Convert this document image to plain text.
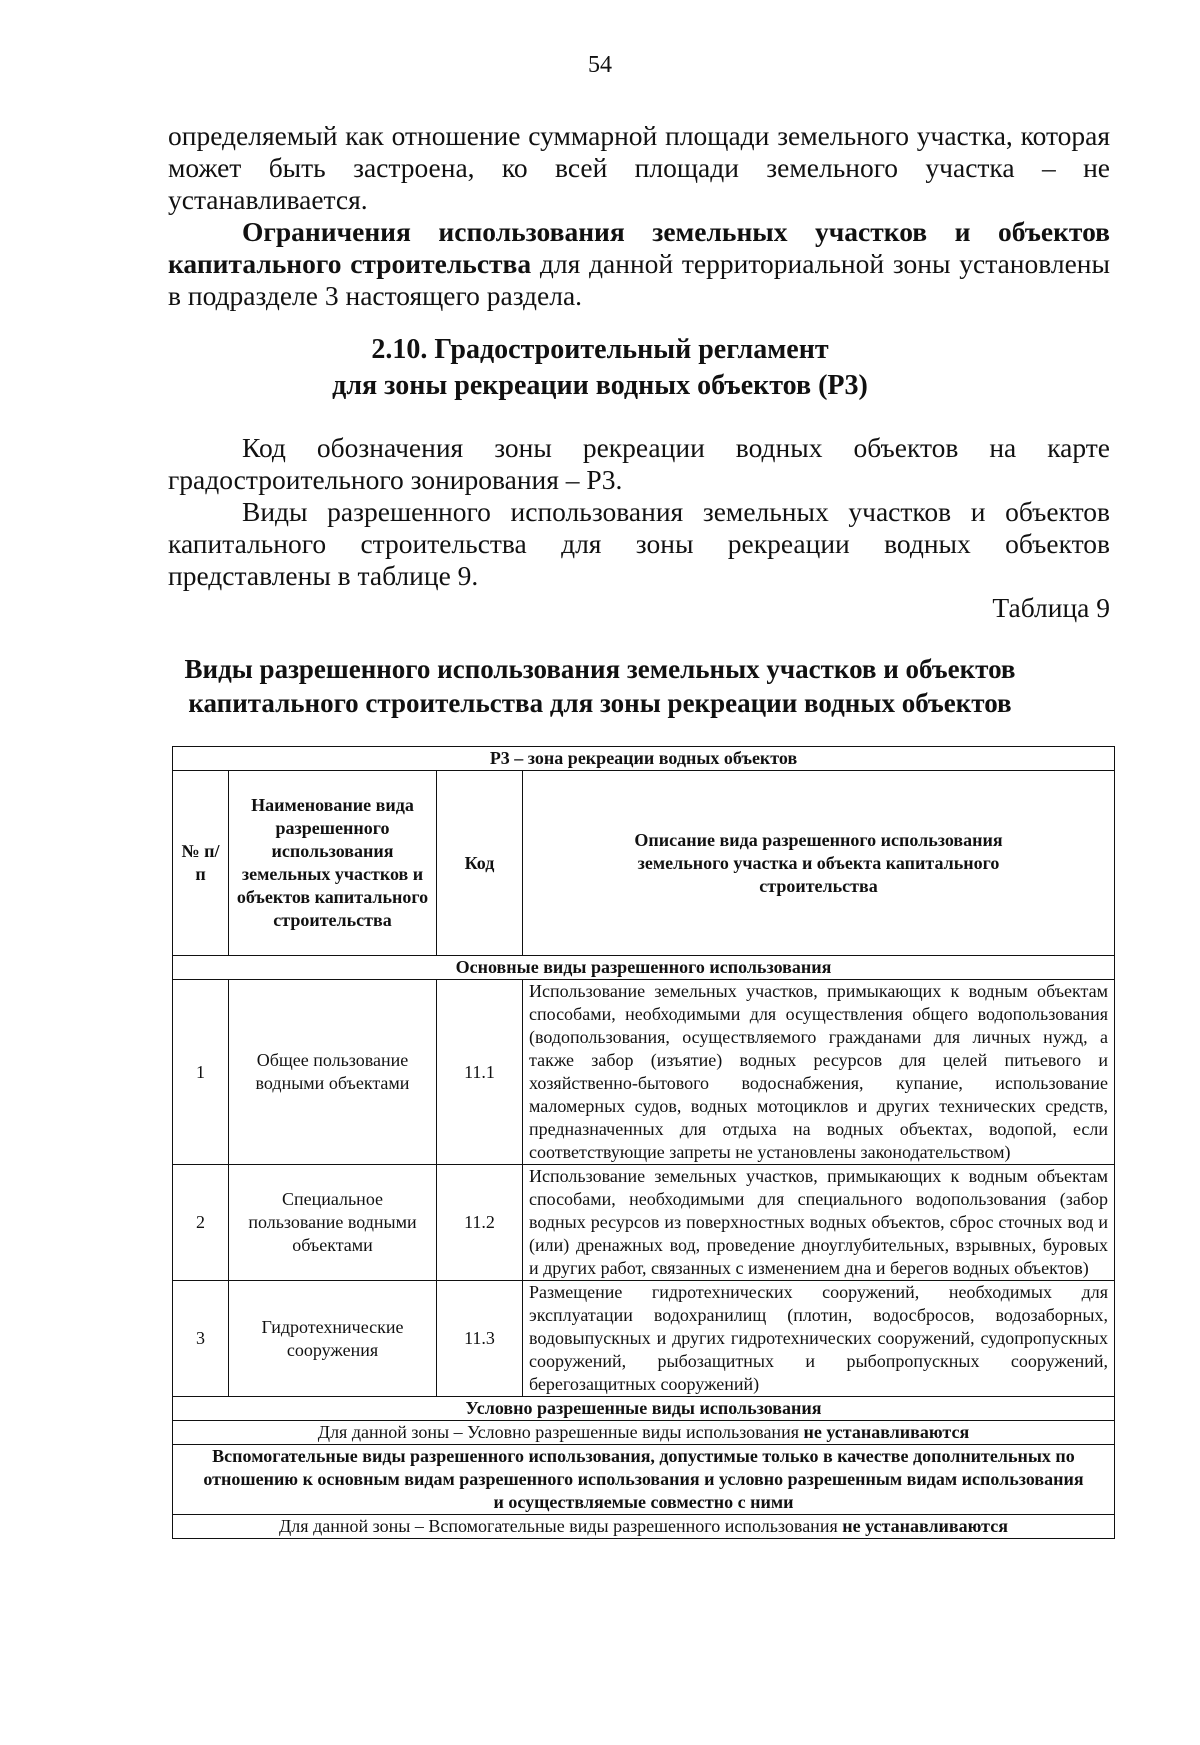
54
определяемый как отношение суммарной площади земельного участка, которая может быть застроена, ко всей площади земельного участка – не устанавливается.
Ограничения использования земельных участков и объектов капитального строительства для данной территориальной зоны установлены в подразделе 3 настоящего раздела.
2.10. Градостроительный регламент
для зоны рекреации водных объектов (Р3)
Код обозначения зоны рекреации водных объектов на карте градостроительного зонирования – Р3.
Виды разрешенного использования земельных участков и объектов капитального строительства для зоны рекреации водных объектов представлены в таблице 9.
Таблица 9
Виды разрешенного использования земельных участков и объектов
капитального строительства для зоны рекреации водных объектов
Р3 – зона рекреации водных объектов			
№ п/п	Наименование вида разрешенного использования земельных участков и объектов капитального строительства	Код	Описание вида разрешенного использования земельного участка и объекта капитального строительства
Основные виды разрешенного использования			
1	Общее пользование водными объектами	11.1	Использование земельных участков, примыкающих к водным объектам способами, необходимыми для осуществления общего водопользования (водопользования, осуществляемого гражданами для личных нужд, а также забор (изъятие) водных ресурсов для целей питьевого и хозяйственно-бытового водоснабжения, купание, использование маломерных судов, водных мотоциклов и других технических средств, предназначенных для отдыха на водных объектах, водопой, если соответствующие запреты не установлены законодательством)
2	Специальное пользование водными объектами	11.2	Использование земельных участков, примыкающих к водным объектам способами, необходимыми для специального водопользования (забор водных ресурсов из поверхностных водных объектов, сброс сточных вод и (или) дренажных вод, проведение дноуглубительных, взрывных, буровых и других работ, связанных с изменением дна и берегов водных объектов)
3	Гидротехнические сооружения	11.3	Размещение гидротехнических сооружений, необходимых для эксплуатации водохранилищ (плотин, водосбросов, водозаборных, водовыпускных и других гидротехнических сооружений, судопропускных сооружений, рыбозащитных и рыбопропускных сооружений, берегозащитных сооружений)
Условно разрешенные виды использования			
Для данной зоны – Условно разрешенные виды использования не устанавливаются			
Вспомогательные виды разрешенного использования, допустимые только в качестве дополнительных по отношению к основным видам разрешенного использования и условно разрешенным видам использования и осуществляемые совместно с ними			
Для данной зоны – Вспомогательные виды разрешенного использования не устанавливаются			
